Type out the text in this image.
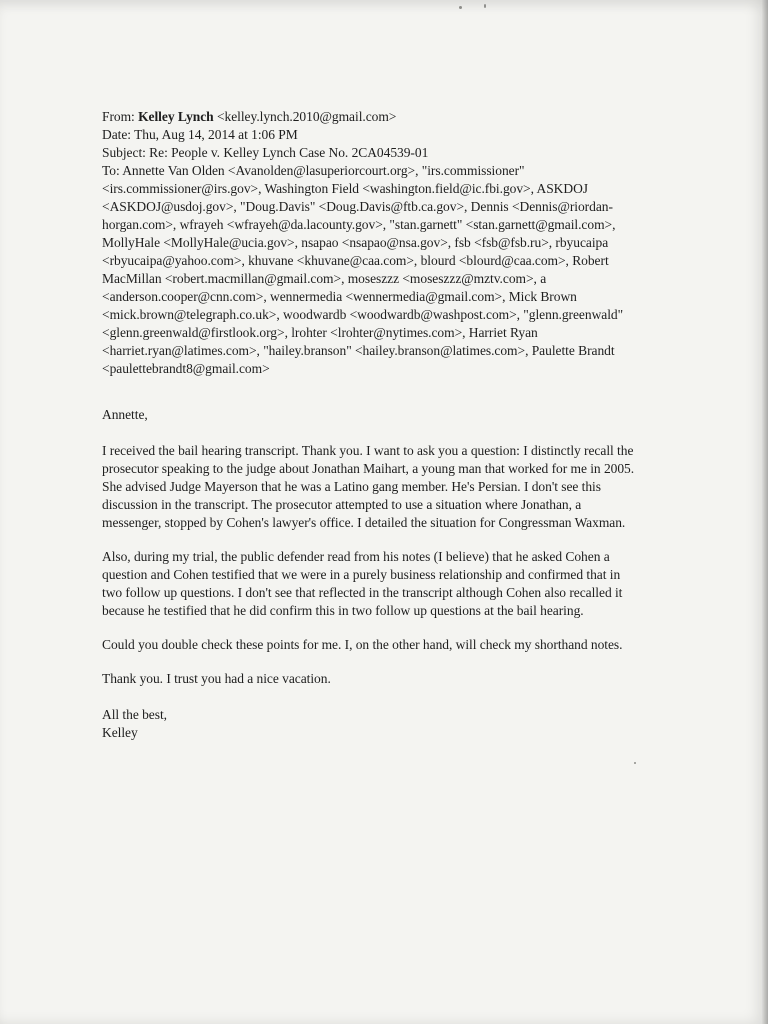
From: Kelley Lynch <kelley.lynch.2010@gmail.com>
Date: Thu, Aug 14, 2014 at 1:06 PM
Subject: Re: People v. Kelley Lynch Case No. 2CA04539-01
To: Annette Van Olden <Avanolden@lasuperiorcourt.org>, "irs.commissioner"
<irs.commissioner@irs.gov>, Washington Field <washington.field@ic.fbi.gov>, ASKDOJ
<ASKDOJ@usdoj.gov>, "Doug.Davis" <Doug.Davis@ftb.ca.gov>, Dennis <Dennis@riordan-
horgan.com>, wfrayeh <wfrayeh@da.lacounty.gov>, "stan.garnett" <stan.garnett@gmail.com>,
MollyHale <MollyHale@ucia.gov>, nsapao <nsapao@nsa.gov>, fsb <fsb@fsb.ru>, rbyucaipa
<rbyucaipa@yahoo.com>, khuvane <khuvane@caa.com>, blourd <blourd@caa.com>, Robert
MacMillan <robert.macmillan@gmail.com>, moseszzz <moseszzz@mztv.com>, a
<anderson.cooper@cnn.com>, wennermedia <wennermedia@gmail.com>, Mick Brown
<mick.brown@telegraph.co.uk>, woodwardb <woodwardb@washpost.com>, "glenn.greenwald"
<glenn.greenwald@firstlook.org>, lrohter <lrohter@nytimes.com>, Harriet Ryan
<harriet.ryan@latimes.com>, "hailey.branson" <hailey.branson@latimes.com>, Paulette Brandt
<paulettebrandt8@gmail.com>
Annette,
I received the bail hearing transcript. Thank you. I want to ask you a question: I distinctly recall the
prosecutor speaking to the judge about Jonathan Maihart, a young man that worked for me in 2005.
She advised Judge Mayerson that he was a Latino gang member. He's Persian. I don't see this
discussion in the transcript. The prosecutor attempted to use a situation where Jonathan, a
messenger, stopped by Cohen's lawyer's office. I detailed the situation for Congressman Waxman.
Also, during my trial, the public defender read from his notes (I believe) that he asked Cohen a
question and Cohen testified that we were in a purely business relationship and confirmed that in
two follow up questions. I don't see that reflected in the transcript although Cohen also recalled it
because he testified that he did confirm this in two follow up questions at the bail hearing.
Could you double check these points for me. I, on the other hand, will check my shorthand notes.
Thank you. I trust you had a nice vacation.
All the best,
Kelley
